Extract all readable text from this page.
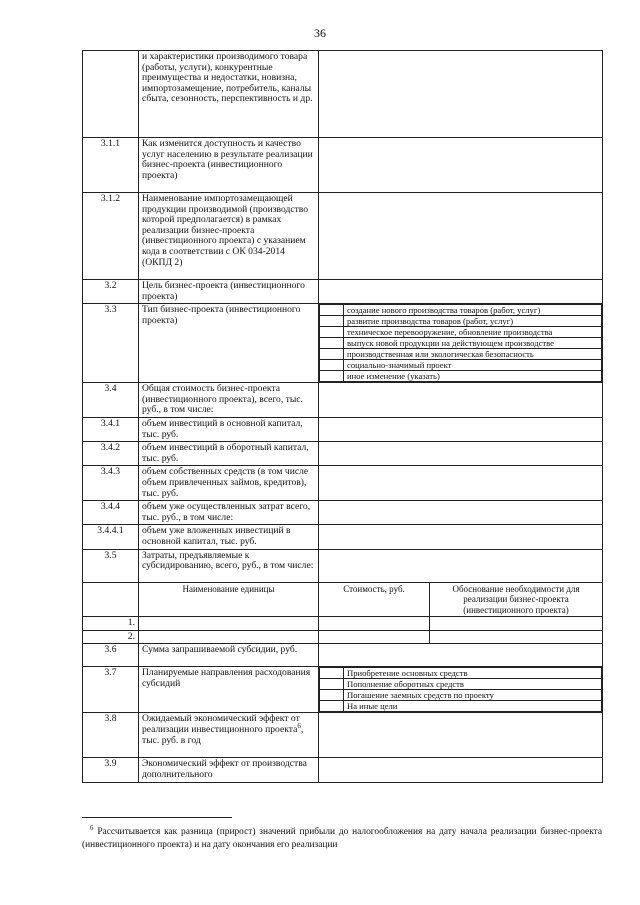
36
	и характеристики производимого товара (работы, услуги), конкурентные преимущества и недостатки, новизна, импортозамещение, потребитель, каналы сбыта, сезонность, перспективность и др.	
3.1.1	Как изменится доступность и качество услуг населению в результате реализации бизнес-проекта (инвестиционного проекта)	
3.1.2	Наименование импортозамещающей продукции производимой (производство которой предполагается) в рамках реализации бизнес-проекта (инвестиционного проекта) с указанием кода в соответствии с ОК 034-2014 (ОКПД 2)	
3.2	Цель бизнес-проекта (инвестиционного проекта)	
3.3	Тип бизнес-проекта (инвестиционного проекта)	
	создание нового производства товаров (работ, услуг)
	развитие производства товаров (работ, услуг)
	техническое перевооружение, обновление производства
	выпуск новой продукции на действующем производстве
	производственная или экологическая безопасность
	социально-значимый проект
	иное изменение (указать)

3.4	Общая стоимость бизнес-проекта (инвестиционного проекта), всего, тыс. руб., в том числе:	
3.4.1	объем инвестиций в основной капитал, тыс. руб.	
3.4.2	объем инвестиций в оборотный капитал, тыс. руб.	
3.4.3	объем собственных средств (в том числе объем привлеченных займов, кредитов), тыс. руб.	
3.4.4	объем уже осуществленных затрат всего, тыс. руб., в том числе:	
3.4.4.1	объем уже вложенных инвестиций в основной капитал, тыс. руб.	
3.5	Затраты, предъявляемые к субсидированию, всего, руб., в том числе:	
	Наименование единицы	Стоимость, руб.	Обоснование необходимости для реализации бизнес-проекта (инвестиционного проекта)
1.			
2.			
3.6	Сумма запрашиваемой субсидии, руб.	
3.7	Планируемые направления расходования субсидий	
	Приобретение основных средств
	Пополнение оборотных средств
	Погашение заемных средств по проекту
	На иные цели

3.8	Ожидаемый экономический эффект от реализации инвестиционного проекта$^6$, тыс. руб. в год	
3.9	Экономический эффект от производства дополнительного	
$^6$ Рассчитывается как разница (прирост) значений прибыли до налогообложения на дату начала реализации бизнес-проекта (инвестиционного проекта) и на дату окончания его реализации
